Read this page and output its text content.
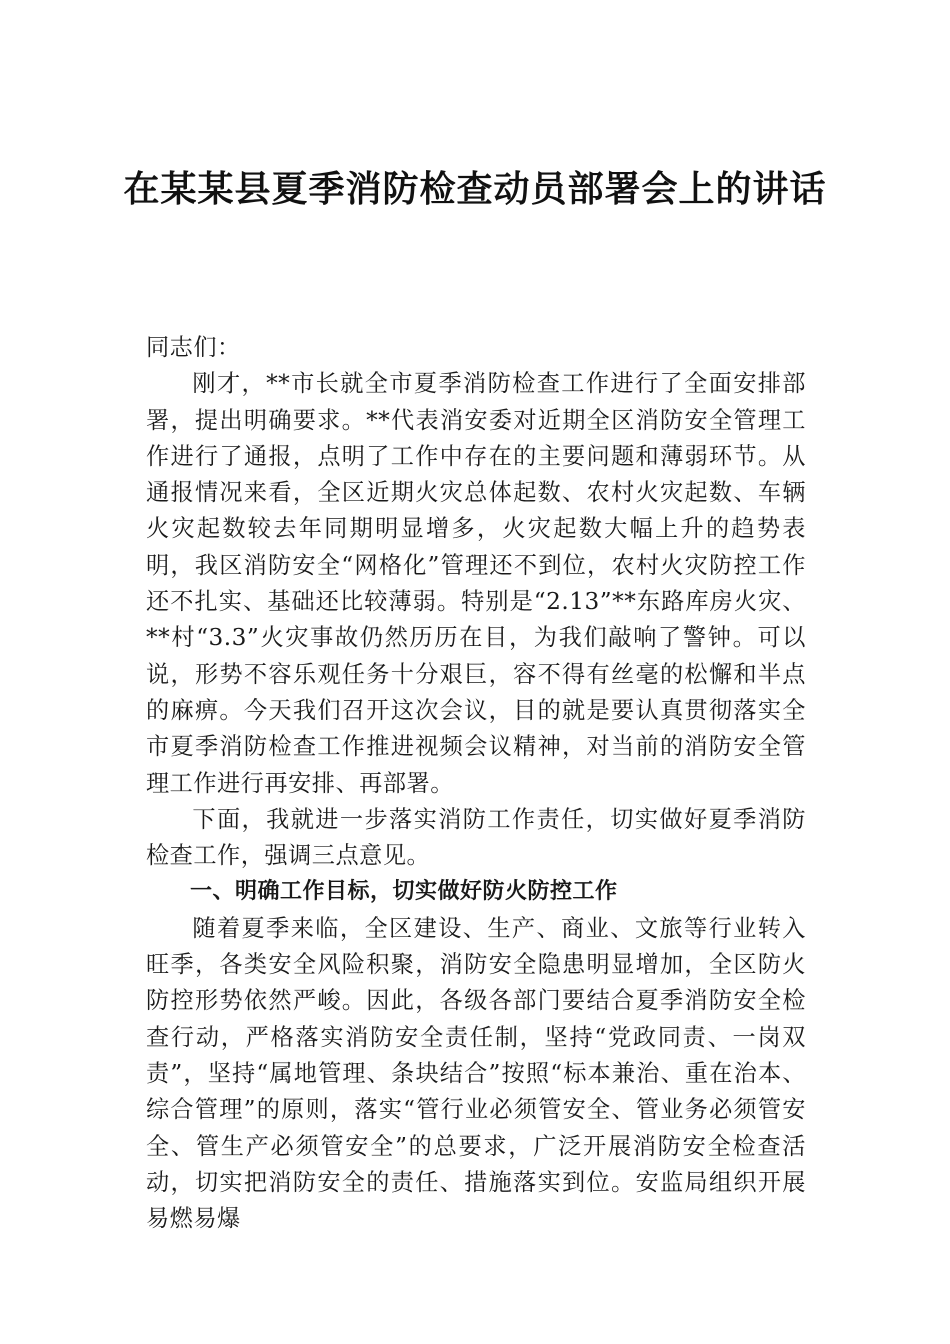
在某某县夏季消防检查动员部署会上的讲话

同志们：

刚才，**市长就全市夏季消防检查工作进行了全面安排部署，提出明确要求。**代表消安委对近期全区消防安全管理工作进行了通报，点明了工作中存在的主要问题和薄弱环节。从通报情况来看，全区近期火灾总体起数、农村火灾起数、车辆火灾起数较去年同期明显增多，火灾起数大幅上升的趋势表明，我区消防安全“网格化”管理还不到位，农村火灾防控工作还不扎实、基础还比较薄弱。特别是“2.13”**东路库房火灾、**村“3.3”火灾事故仍然历历在目，为我们敲响了警钟。可以说，形势不容乐观任务十分艰巨，容不得有丝毫的松懈和半点的麻痹。今天我们召开这次会议，目的就是要认真贯彻落实全市夏季消防检查工作推进视频会议精神，对当前的消防安全管理工作进行再安排、再部署。

下面，我就进一步落实消防工作责任，切实做好夏季消防检查工作，强调三点意见。

一、明确工作目标，切实做好防火防控工作

随着夏季来临，全区建设、生产、商业、文旅等行业转入旺季，各类安全风险积聚，消防安全隐患明显增加，全区防火防控形势依然严峻。因此，各级各部门要结合夏季消防安全检查行动，严格落实消防安全责任制，坚持“党政同责、一岗双责”，坚持“属地管理、条块结合”按照“标本兼治、重在治本、综合管理”的原则，落实“管行业必须管安全、管业务必须管安全、管生产必须管安全”的总要求，广泛开展消防安全检查活动，切实把消防安全的责任、措施落实到位。安监局组织开展易燃易爆
